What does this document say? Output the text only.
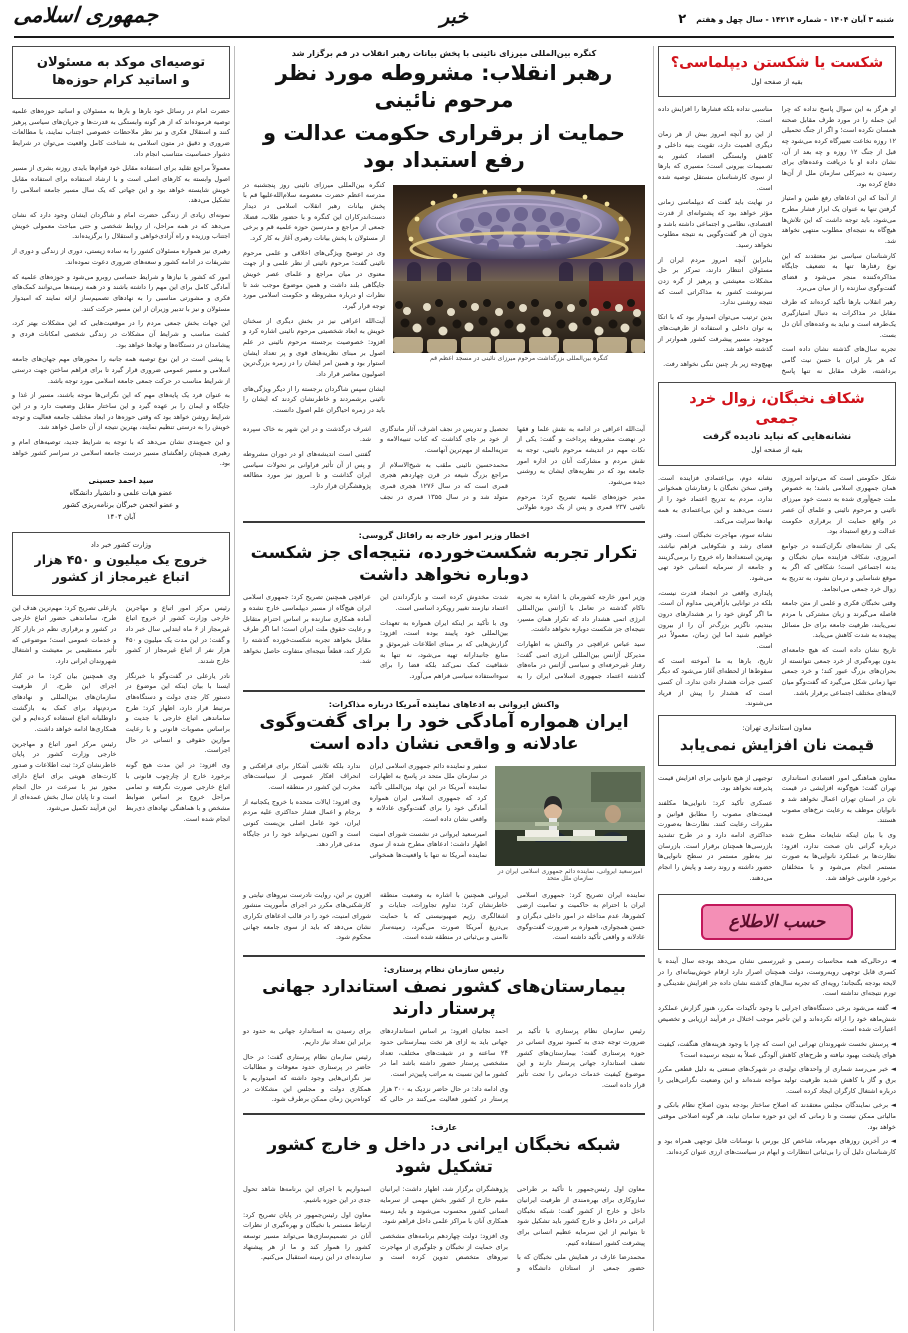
جمهوری اسلامی	خبر	شنبه ۳ آبان ۱۴۰۴ - شماره ۱۴۲۱۴ - سال چهل و هفتم
۲
شکست یا شکستن دیپلماسی؟
بقیه از صفحه اول

او هرگز به این سوال پاسخ نداده که چرا این جمله را در مورد طرف مقابل صحنه همسان نکرده است؛ و اگر از جنگ تحمیلی ۱۲ روزه نخاعت تعبیرگاه کرده می‌شود چه قبل از جنگ ۱۲ روزه و چه بعد از آن، نشان داده او با دریافت وعده‌های برای رسیدن به دبیرکلی سازمان ملل از آن‌ها دفاع کرده بود.

از آنجا که این ادعاهای رفع طنین و امتیاز گرفتن تنها به عنوان یک ابزار فشار مطرح می‌شود، باید توجه داشت که این تلاش‌ها هیچ‌گاه به نتیجه‌ای مطلوب منتهی نخواهد شد.

کارشناسان سیاسی نیز معتقدند که این نوع رفتارها تنها به تضعیف جایگاه مذاکره‌کننده منجر می‌شود و فضای گفت‌وگوی سازنده را از میان می‌برد.

رهبر انقلاب بارها تأکید کرده‌اند که طرف مقابل در مذاکرات به دنبال امتیازگیری یک‌طرفه است و نباید به وعده‌های آنان دل بست.

تجربه سال‌های گذشته نشان داده است که هر بار ایران با حسن نیت گامی برداشته، طرف مقابل نه تنها پاسخ مناسبی نداده بلکه فشارها را افزایش داده است.

از این رو آنچه امروز بیش از هر زمان دیگری اهمیت دارد، تقویت بنیه داخلی و کاهش وابستگی اقتصاد کشور به تصمیمات بیرونی است؛ مسیری که بارها از سوی کارشناسان مستقل توصیه شده است.

در نهایت باید گفت که دیپلماسی زمانی مؤثر خواهد بود که پشتوانه‌ای از قدرت اقتصادی، نظامی و اجتماعی داشته باشد و بدون آن هر گفت‌وگویی به نتیجه مطلوب نخواهد رسید.

بنابراین آنچه امروز مردم ایران از مسئولان انتظار دارند، تمرکز بر حل مشکلات معیشتی و پرهیز از گره زدن سرنوشت کشور به مذاکراتی است که نتیجه روشنی ندارد.

بدین ترتیب می‌توان امیدوار بود که با اتکا به توان داخلی و استفاده از ظرفیت‌های موجود، مسیر پیشرفت کشور هموارتر از گذشته خواهد شد.

بهیچ‌وجه زیر بار چنین ننگی نخواهد رفت.

شکاف نخبگان، زوال خرد جمعی
نشانه‌هایی که نباید نادیده گرفت
بقیه از صفحه اول

شکل حکومتی است که می‌تواند امروزی همان جمهوری اسلامی باشد؛ به خصوص ملت جمع‌آوری شده به دست خود میرزای نائینی و مرحوم نائینی و علمای آن عصر در واقع حمایت از برقراری حکومت عدالت و رفع استبداد بود.

یکی از نشانه‌های نگران‌کننده در جوامع امروزی، شکاف فزاینده میان نخبگان و بدنه اجتماعی است؛ شکافی که اگر به موقع شناسایی و درمان نشود، به تدریج به زوال خرد جمعی می‌انجامد.

وقتی نخبگان فکری و علمی از متن جامعه فاصله می‌گیرند و زبان مشترکی با مردم نمی‌یابند، ظرفیت جامعه برای حل مسائل پیچیده به شدت کاهش می‌یابد.

تاریخ نشان داده است که هیچ جامعه‌ای بدون بهره‌گیری از خرد جمعی نتوانسته از بحران‌های بزرگ عبور کند؛ و خرد جمعی تنها زمانی شکل می‌گیرد که گفت‌وگو میان لایه‌های مختلف اجتماعی برقرار باشد.

نشانه دوم، بی‌اعتمادی فزاینده است. وقتی سخن نخبگان با رفتارشان همخوانی ندارد، مردم به تدریج اعتماد خود را از دست می‌دهند و این بی‌اعتمادی به همه نهادها سرایت می‌کند.

نشانه سوم، مهاجرت نخبگان است. وقتی فضای رشد و شکوفایی فراهم نباشد، بهترین استعدادها راه خروج را برمی‌گزینند و جامعه از سرمایه انسانی خود تهی می‌شود.

پایداری واقعی در انجماد قدرت نیست، بلکه در توانایی بازآفرینی مداوم آن است. ما اگر گوش خود را بر هشدارهای درون ببندیم، ناگزیر بزرگ‌تر آن را از بیرون خواهیم شنید اما این زمان، معمولاً دیر است.

تاریخ، بارها به ما آموخته است که سقوط‌ها از لحظه‌ای آغاز می‌شود که دیگر کسی جرأت هشدار دادن ندارد. آن کسی است که هشدار را پیش از فریاد می‌شنوند.

معاون استانداری تهران:
قیمت نان افزایش نمی‌یابد

معاون هماهنگی امور اقتصادی استانداری تهران گفت: هیچ‌گونه افزایشی در قیمت نان در استان تهران اعمال نخواهد شد و نانوایان موظف به رعایت نرخ‌های مصوب هستند.

وی با بیان اینکه شایعات مطرح شده درباره گرانی نان صحت ندارد، افزود: نظارت‌ها بر عملکرد نانوایی‌ها به صورت مستمر انجام می‌شود و با متخلفان برخورد قانونی خواهد شد.

توجیهی از هیچ نانوایی برای افزایش قیمت پذیرفته نخواهد بود.

عسکری تأکید کرد: نانوایی‌ها مکلفند قیمت‌های مصوب را مطابق قوانین و مقررات رعایت کنند. نظارت‌ها به‌صورت حداکثری ادامه دارد و در طرح تشدید بازرسی‌ها همچنان برقرار است. بازرسان نیز به‌طور مستمر در سطح نانوایی‌ها حضور داشته و روند رصد و پایش را انجام می‌دهند.

حسب الاطلاع

◄ درحالی‌که همه محاسبات رسمی و غیررسمی نشان می‌دهد بودجه سال آینده با کسری قابل توجهی روبه‌روست، دولت همچنان اصرار دارد ارقام خوش‌بینانه‌ای را در لایحه بودجه بگنجاند؛ رویه‌ای که تجربه سال‌های گذشته نشان داده جز افزایش نقدینگی و تورم نتیجه‌ای نداشته است.

◄ گفته می‌شود برخی دستگاه‌های اجرایی با وجود تأکیدات مکرر، هنوز گزارش عملکرد شش‌ماهه خود را ارائه نکرده‌اند و این تأخیر موجب اختلال در فرآیند ارزیابی و تخصیص اعتبارات شده است.

◄ پرسش نخست شهروندان تهرانی این است که چرا با وجود هزینه‌های هنگفت، کیفیت هوای پایتخت بهبود نیافته و طرح‌های کاهش آلودگی عملاً به نتیجه نرسیده است؟

◄ خبر می‌رسد شماری از واحدهای تولیدی در شهرک‌های صنعتی به دلیل قطعی مکرر برق و گاز با کاهش شدید ظرفیت تولید مواجه شده‌اند و این وضعیت نگرانی‌هایی را درباره اشتغال کارگران ایجاد کرده است.

◄ برخی نمایندگان مجلس معتقدند که اصلاح ساختار بودجه بدون اصلاح نظام بانکی و مالیاتی ممکن نیست و تا زمانی که این دو حوزه سامان نیابد، هر گونه اصلاحی موقتی خواهد بود.

◄ در آخرین روزهای مهرماه، شاخص کل بورس با نوسانات قابل توجهی همراه بود و کارشناسان دلیل آن را بی‌ثباتی انتظارات و ابهام در سیاست‌های ارزی عنوان کرده‌اند.

کنگره بین‌المللی میرزای نائینی با پخش بیانات رهبر انقلاب در قم برگزار شد
رهبر انقلاب: مشروطه مورد نظر مرحوم نائینی
حمایت از برقراری حکومت عدالت و رفع استبداد بود
کنگره بین‌المللی بزرگداشت مرحوم میرزای نائینی در مسجد اعظم قم

کنگره بین‌المللی میرزای نائینی روز پنجشنبه در مدرسه اعظم حضرت معصومه سلام‌الله‌علیها قم با پخش بیانات رهبر انقلاب اسلامی در دیدار دست‌اندرکاران این کنگره و با حضور طلاب، فضلا، جمعی از مراجع و مدرسین حوزه علمیه قم و برخی از مسئولان با پخش بیانات رهبری آغاز به کار کرد.

وی در توضیح ویژگی‌های اخلاقی و علمی مرحوم نائینی گفت: مرحوم نائینی از نظر علمی و از جهت معنوی در میان مراجع و علمای عصر خویش جایگاهی بلند داشت و همین موضوع موجب شد تا نظرات او درباره مشروطه و حکومت اسلامی مورد توجه قرار گیرد.

آیت‌الله اعرافی نیز در بخش دیگری از سخنان خویش به ابعاد شخصیتی مرحوم نائینی اشاره کرد و افزود: خصوصیت برجسته مرحوم نائینی در علم اصول بر مبنای نظریه‌های قوی و پر تعداد ایشان استوار بود و همین امر ایشان را در زمره بزرگ‌ترین اصولیون معاصر قرار داد.

ایشان سپس شاگردان برجسته را از دیگر ویژگی‌های نائینی برشمردند و خاطرنشان کردند که ایشان را باید در زمره احیاگران علم اصول دانست.

آیت‌الله اعرافی در ادامه به نقش علما و فقها در نهضت مشروطه پرداخت و گفت: یکی از نکات مهم در اندیشه مرحوم نائینی، توجه به نقش مردم و مشارکت آنان در اداره امور جامعه بود که در نظریه‌های ایشان به روشنی دیده می‌شود.

مدیر حوزه‌های علمیه تصریح کرد: مرحوم نائینی ۲۳۷ قمری و پس از یک دوره طولانی تحصیل و تدریس در نجف اشرف، آثار ماندگاری از خود بر جای گذاشت که کتاب تنبیه‌الامه و تنزیه‌المله از مهم‌ترین آنهاست.

محمدحسین نائینی ملقب به شیخ‌الاسلام از مراجع بزرگ شیعه در قرن چهاردهم هجری قمری است که در سال ۱۲۷۶ هجری قمری متولد شد و در سال ۱۳۵۵ قمری در نجف اشرف درگذشت و در این شهر به خاک سپرده شد.

گفتنی است اندیشه‌های او در دوران مشروطه و پس از آن تأثیر فراوانی بر تحولات سیاسی ایران گذاشت و تا امروز نیز مورد مطالعه پژوهشگران قرار دارد.

اخطار وزیر امور خارجه به رافائل گروسی:
تکرار تجربه شکست‌خورده، نتیجه‌ای جز شکست دوباره نخواهد داشت

وزیر امور خارجه کشورمان با اشاره به تجربه ناکام گذشته در تعامل با آژانس بین‌المللی انرژی اتمی هشدار داد که تکرار همان مسیر، نتیجه‌ای جز شکست دوباره نخواهد داشت.

سید عباس عراقچی در واکنش به اظهارات مدیرکل آژانس بین‌المللی انرژی اتمی گفت: رفتار غیرحرفه‌ای و سیاسی آژانس در ماه‌های گذشته اعتماد جمهوری اسلامی ایران را به شدت مخدوش کرده است و بازگرداندن این اعتماد نیازمند تغییر رویکرد اساسی است.

وی با تأکید بر اینکه ایران همواره به تعهدات بین‌المللی خود پایبند بوده است، افزود: گزارش‌هایی که بر مبنای اطلاعات غیرموثق و منابع جانبدارانه تهیه می‌شود، نه تنها به شفافیت کمک نمی‌کند بلکه فضا را برای سوءاستفاده سیاسی فراهم می‌آورد.

عراقچی همچنین تصریح کرد: جمهوری اسلامی ایران هیچ‌گاه از مسیر دیپلماسی خارج نشده و آماده همکاری سازنده بر اساس احترام متقابل و رعایت حقوق ملت ایران است؛ اما اگر طرف مقابل بخواهد تجربه شکست‌خورده گذشته را تکرار کند، قطعاً نتیجه‌ای متفاوت حاصل نخواهد شد.

واکنش ایروانی به ادعاهای نماینده آمریکا درباره مذاکرات:
ایران همواره آمادگی خود را برای گفت‌وگوی عادلانه و واقعی نشان داده است
امیرسعید ایروانی، نماینده دائم جمهوری اسلامی ایران در سازمان ملل متحد

سفیر و نماینده دائم جمهوری اسلامی ایران در سازمان ملل متحد در پاسخ به اظهارات نماینده آمریکا در این نهاد بین‌المللی تأکید کرد که جمهوری اسلامی ایران همواره آمادگی خود را برای گفت‌وگوی عادلانه و واقعی نشان داده است.

امیرسعید ایروانی در نشست شورای امنیت اظهار داشت: ادعاهای مطرح شده از سوی نماینده آمریکا نه تنها با واقعیت‌ها همخوانی ندارد بلکه تلاشی آشکار برای فرافکنی و انحراف افکار عمومی از سیاست‌های مخرب این کشور در منطقه است.

وی افزود: ایالات متحده با خروج یکجانبه از برجام و اعمال فشار حداکثری علیه مردم ایران، خود عامل اصلی بن‌بست کنونی است و اکنون نمی‌تواند خود را در جایگاه مدعی قرار دهد.

نماینده ایران تصریح کرد: جمهوری اسلامی ایران با احترام به حاکمیت و تمامیت ارضی کشورها، عدم مداخله در امور داخلی دیگران و حسن همجواری، همواره بر ضرورت گفت‌وگوی عادلانه و واقعی تأکید داشته است.

ایروانی همچنین با اشاره به وضعیت منطقه خاطرنشان کرد: تداوم تجاوزات، جنایات و اشغالگری رژیم صهیونیستی که با حمایت بی‌دریغ آمریکا صورت می‌گیرد، زمینه‌ساز ناامنی و بی‌ثباتی در منطقه شده است.

افزون بر این، روایت نادرست نیروهای نیابتی و کارشکنی‌های مکرر در اجرای مأموریت منشور شورای امنیت، خود را در قالب ادعاهای تکراری نشان می‌دهد که باید از سوی جامعه جهانی محکوم شود.

رئیس سازمان نظام پرستاری:
بیمارستان‌های کشور نصف استاندارد جهانی پرستار دارند

رئیس سازمان نظام پرستاری با تأکید بر ضرورت توجه جدی به کمبود نیروی انسانی در حوزه پرستاری گفت: بیمارستان‌های کشور نصف استاندارد جهانی پرستار دارند و این موضوع کیفیت خدمات درمانی را تحت تأثیر قرار داده است.

احمد نجاتیان افزود: بر اساس استانداردهای جهانی باید به ازای هر تخت بیمارستانی حدود ۲۴ ساعته و در شیفت‌های مختلف، تعداد مشخصی پرستار حضور داشته باشد اما در کشور ما این نسبت به مراتب پایین‌تر است.

وی ادامه داد: در حال حاضر نزدیک به ۳۰۰ هزار پرستار در کشور فعالیت می‌کنند در حالی که برای رسیدن به استاندارد جهانی به حدود دو برابر این تعداد نیاز داریم.

رئیس سازمان نظام پرستاری گفت: در حال حاضر در پرستاری حدود معوقات و مطالبات نیز نگرانی‌هایی وجود داشته که امیدواریم با همکاری دولت و مجلس این مشکلات در کوتاه‌ترین زمان ممکن برطرف شود.

عارف:
شبکه نخبگان ایرانی در داخل و خارج کشور تشکیل شود

معاون اول رئیس‌جمهور با تأکید بر طراحی سازوکاری برای بهره‌مندی از ظرفیت ایرانیان داخل و خارج از کشور گفت: شبکه نخبگان ایرانی در داخل و خارج کشور باید تشکیل شود تا بتوانیم از این سرمایه عظیم انسانی برای پیشرفت کشور استفاده کنیم.

محمدرضا عارف در همایش ملی نخبگان که با حضور جمعی از استادان دانشگاه و پژوهشگران برگزار شد، اظهار داشت: ایرانیان مقیم خارج از کشور بخش مهمی از سرمایه انسانی کشور محسوب می‌شوند و باید زمینه همکاری آنان با مراکز علمی داخل فراهم شود.

وی افزود: دولت چهاردهم برنامه‌های مشخصی برای حمایت از نخبگان و جلوگیری از مهاجرت نیروهای متخصص تدوین کرده است و امیدواریم با اجرای این برنامه‌ها شاهد تحول جدی در این حوزه باشیم.

معاون اول رئیس‌جمهور در پایان تصریح کرد: ارتباط مستمر با نخبگان و بهره‌گیری از نظرات آنان در تصمیم‌سازی‌ها می‌تواند مسیر توسعه کشور را هموار کند و ما از هر پیشنهاد سازنده‌ای در این زمینه استقبال می‌کنیم.

توصیه‌ای موکد به مسئولان
و اساتید کرام حوزه‌ها

حضرت امام در رسائل خود بارها و بارها به مسئولان و اساتید حوزه‌های علمیه توصیه فرموده‌اند که از هر گونه وابستگی به قدرت‌ها و جریان‌های سیاسی پرهیز کنند و استقلال فکری و نیز نظر ملاحظات خصوصی اجتناب نمایند، با مطالعات ضروری و دقیق در متون اسلامی به شناخت کامل واقعیت می‌توان در شرایط دشوار حساسیت متناسب انجام داد.

معمولاً مراجع تقلید برای استفاده مقابل خود قوام‌ها بایدی روزنه بشری از مسیر اصول وابسته به کارهای اصلی است و با ارشاد استفاده برای استفاده مقابل خویش شایسته خواهد بود و این جهاتی که یک سال مسیر جامعه اسلامی را تشکیل می‌دهد.

نمونه‌ای زیادی از زندگی حضرت امام و شاگردان ایشان وجود دارد که نشان می‌دهد که در همه مراحل، از روابط شخصی و حتی مباحث معمولی خویش اجتناب ورزیده و راه آزادی‌خواهی و استقلال را برگزیده‌اند.

رهبری نیز همواره مسئولان کشور را به ساده زیستی، دوری از زندگی و دوری از تشریفات در ادامه کشور و سعه‌های ضروری دعوت نموده‌اند.

امور که کشور با نیازها و شرایط حساسی روبرو می‌شود و حوزه‌های علمیه که آمادگی کامل برای این مهم را داشته باشند و در همه زمینه‌ها می‌توانند کمک‌های فکری و مشورتی مناسبی را به نهادهای تصمیم‌ساز ارائه نمایند که امیدوار مسئولان و نیز با تدبیر وزیران از این مسیر حرکت کنند.

این جهات بخش جمعی مردم را در موقعیت‌هایی که این مشکلات بهتر کرد، کشت مناسب و شرایط آن مشکلات در زندگی شخصی امکانات فردی و پیشامدان در دستگاه‌ها و نهادها خواهد بود.

با پیشی است در این نوع توصیه همه جانبه را محورهای مهم جهان‌های جامعه اسلامی و مسیر عمومی ضروری قرار گیرد تا برای فراهم ساختن جهت درستی از شرایط مناسب در حرکت جمعی جامعه اسلامی مورد توجه باشد.

به عنوان فرد یک پایه‌های مهم که این نگرانی‌ها موجه باشند، مسیر از غذا و جایگاه و ایمان را بر عهده گیرد و این ساختار مقابل وضعیت دارد و در این شرایط روشن خواهد بود که وقتی حوزه‌ها در ابعاد مختلف جامعه فعالیت و توجه خویش را به درستی تنظیم نمایند، بهترین نتیجه از آن حاصل خواهد شد.

و این جمع‌بندی نشان می‌دهد که با توجه به شرایط جدید، توصیه‌های امام و رهبری همچنان راهگشای مسیر درست جامعه اسلامی در سراسر کشور خواهد بود.

سید احمد حسینی
عضو هیات علمی و دانشیار دانشگاه
و عضو انجمن خبرگان برنامه‌ریزی کشور
آبان ۱۴۰۴
وزارت کشور خبر داد
خروج یک میلیون و ۴۵۰ هزار
اتباع غیرمجاز از کشور

رئیس مرکز امور اتباع و مهاجرین خارجی وزارت کشور از خروج اتباع غیرمجاز از ۶ ماه ابتدایی سال خبر داد و گفت: در این مدت یک میلیون و ۴۵۰ هزار نفر از اتباع غیرمجاز از کشور خارج شدند.

نادر یارعلی در گفت‌وگو با خبرنگار ایسنا با بیان اینکه این موضوع در دستور کار جدی دولت و دستگاه‌های مرتبط قرار دارد، اظهار کرد: طرح ساماندهی اتباع خارجی با جدیت و براساس مصوبات قانونی و با رعایت موازین حقوقی و انسانی در حال اجراست.

وی افزود: در این مدت هیچ گونه برخورد خارج از چارچوب قانونی با اتباع خارجی صورت نگرفته و تمامی مراحل خروج بر اساس ضوابط مشخص و با هماهنگی نهادهای ذی‌ربط انجام شده است.

یارعلی تصریح کرد: مهم‌ترین هدف این طرح، ساماندهی حضور اتباع خارجی در کشور و برقراری نظم در بازار کار و خدمات عمومی است؛ موضوعی که تأثیر مستقیمی بر معیشت و اشتغال شهروندان ایرانی دارد.

وی همچنین بیان کرد: ما در کنار اجرای این طرح، از ظرفیت سازمان‌های بین‌المللی و نهادهای مردم‌نهاد برای کمک به بازگشت داوطلبانه اتباع استفاده کرده‌ایم و این همکاری‌ها ادامه خواهد داشت.

رئیس مرکز امور اتباع و مهاجرین خارجی وزارت کشور در پایان خاطرنشان کرد: ثبت اطلاعات و صدور کارت‌های هویتی برای اتباع دارای مجوز نیز با سرعت در حال انجام است و تا پایان سال بخش عمده‌ای از این فرآیند تکمیل می‌شود.
